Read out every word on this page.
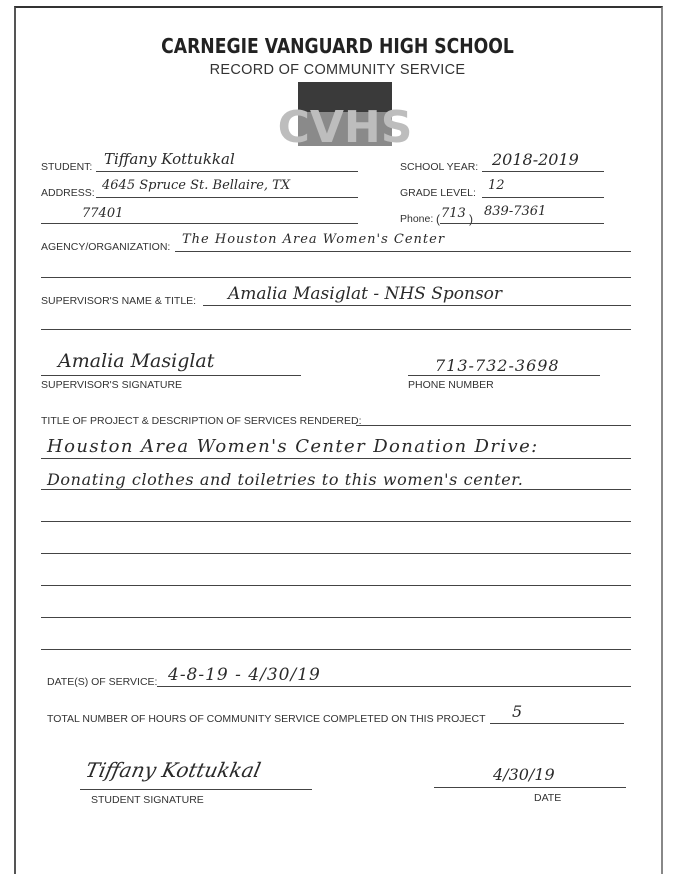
CARNEGIE VANGUARD HIGH SCHOOL
RECORD OF COMMUNITY SERVICE
CVHS
STUDENT: Tiffany Kottukkal	SCHOOL YEAR: 2018-2019
ADDRESS: 4645 Spruce St. Bellaire, TX
77401
GRADE LEVEL: 12
Phone: ( 713 ) 839-7361
AGENCY/ORGANIZATION: The Houston Area Women's Center
SUPERVISOR'S NAME & TITLE: Amalia Masiglat - NHS Sponsor
Amalia Masiglat
SUPERVISOR'S SIGNATURE
713-732-3698
PHONE NUMBER
TITLE OF PROJECT & DESCRIPTION OF SERVICES RENDERED:
Houston Area Women's Center Donation Drive:
Donating clothes and toiletries to this women's center.
DATE(S) OF SERVICE: 4-8-19 - 4/30/19
TOTAL NUMBER OF HOURS OF COMMUNITY SERVICE COMPLETED ON THIS PROJECT 5
Tiffany Kottukkal
STUDENT SIGNATURE
4/30/19
DATE
